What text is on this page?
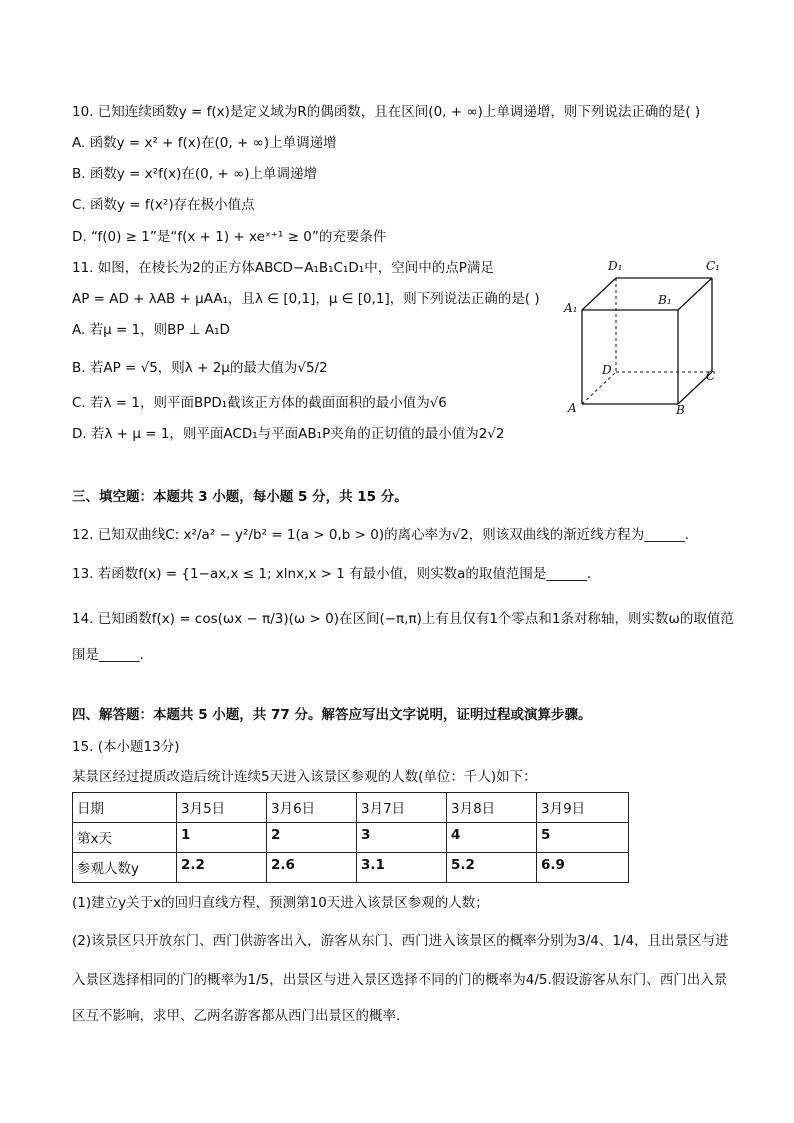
10. 已知连续函数y = f(x)是定义域为R的偶函数，且在区间(0, + ∞)上单调递增，则下列说法正确的是( )
A. 函数y = x² + f(x)在(0, + ∞)上单调递增
B. 函数y = x²f(x)在(0, + ∞)上单调递增
C. 函数y = f(x²)存在极小值点
D. “f(0) ≥ 1”是“f(x + 1) + xeˣ⁺¹ ≥ 0”的充要条件
11. 如图，在棱长为2的正方体ABCD−A₁B₁C₁D₁中，空间中的点P满足
AP = AD + λAB + μAA₁，且λ ∈ [0,1]，μ ∈ [0,1]，则下列说法正确的是( )
A. 若μ = 1，则BP ⊥ A₁D
B. 若AP = √5，则λ + 2μ的最大值为√5/2
C. 若λ = 1，则平面BPD₁截该正方体的截面面积的最小值为√6
D. 若λ + μ = 1，则平面ACD₁与平面AB₁P夹角的正切值的最小值为2√2
D₁	C₁
A₁
B₁
D	C
A	B
三、填空题：本题共 3 小题，每小题 5 分，共 15 分。
12. 已知双曲线C: x²/a² − y²/b² = 1(a > 0,b > 0)的离心率为√2，则该双曲线的渐近线方程为______.
13. 若函数f(x) = {1−ax,x ≤ 1; xlnx,x > 1 有最小值，则实数a的取值范围是______.
14. 已知函数f(x) = cos(ωx − π/3)(ω > 0)在区间(−π,π)上有且仅有1个零点和1条对称轴，则实数ω的取值范
围是______.
四、解答题：本题共 5 小题，共 77 分。解答应写出文字说明，证明过程或演算步骤。
15. (本小题13分)
某景区经过提质改造后统计连续5天进入该景区参观的人数(单位：千人)如下：
日期	3月5日	3月6日	3月7日	3月8日	3月9日
第x天	1	2	3	4	5
参观人数y	2.2	2.6	3.1	5.2	6.9
(1)建立y关于x的回归直线方程，预测第10天进入该景区参观的人数；
(2)该景区只开放东门、西门供游客出入，游客从东门、西门进入该景区的概率分别为3/4、1/4，且出景区与进
入景区选择相同的门的概率为1/5，出景区与进入景区选择不同的门的概率为4/5.假设游客从东门、西门出入景
区互不影响，求甲、乙两名游客都从西门出景区的概率.
